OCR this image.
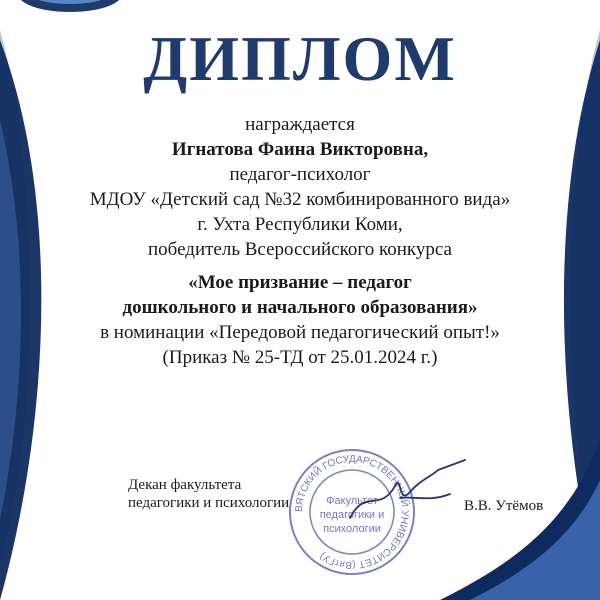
ДИПЛОМ
награждается
Игнатова Фаина Викторовна,
педагог-психолог
МДОУ «Детский сад №32 комбинированного вида»
г. Ухта Республики Коми,
победитель Всероссийского конкурса
«Мое призвание – педагог
дошкольного и начального образования»
в номинации «Передовой педагогический опыт!»
(Приказ № 25-ТД от 25.01.2024 г.)
Декан факультета
педагогики и психологии ВЯТСКИЙ ГОСУДАРСТВЕННЫЙ УНИВЕРСИТЕТ (ВятГУ)
Факультет
педагогики и
психологии
В.В. Утёмов
